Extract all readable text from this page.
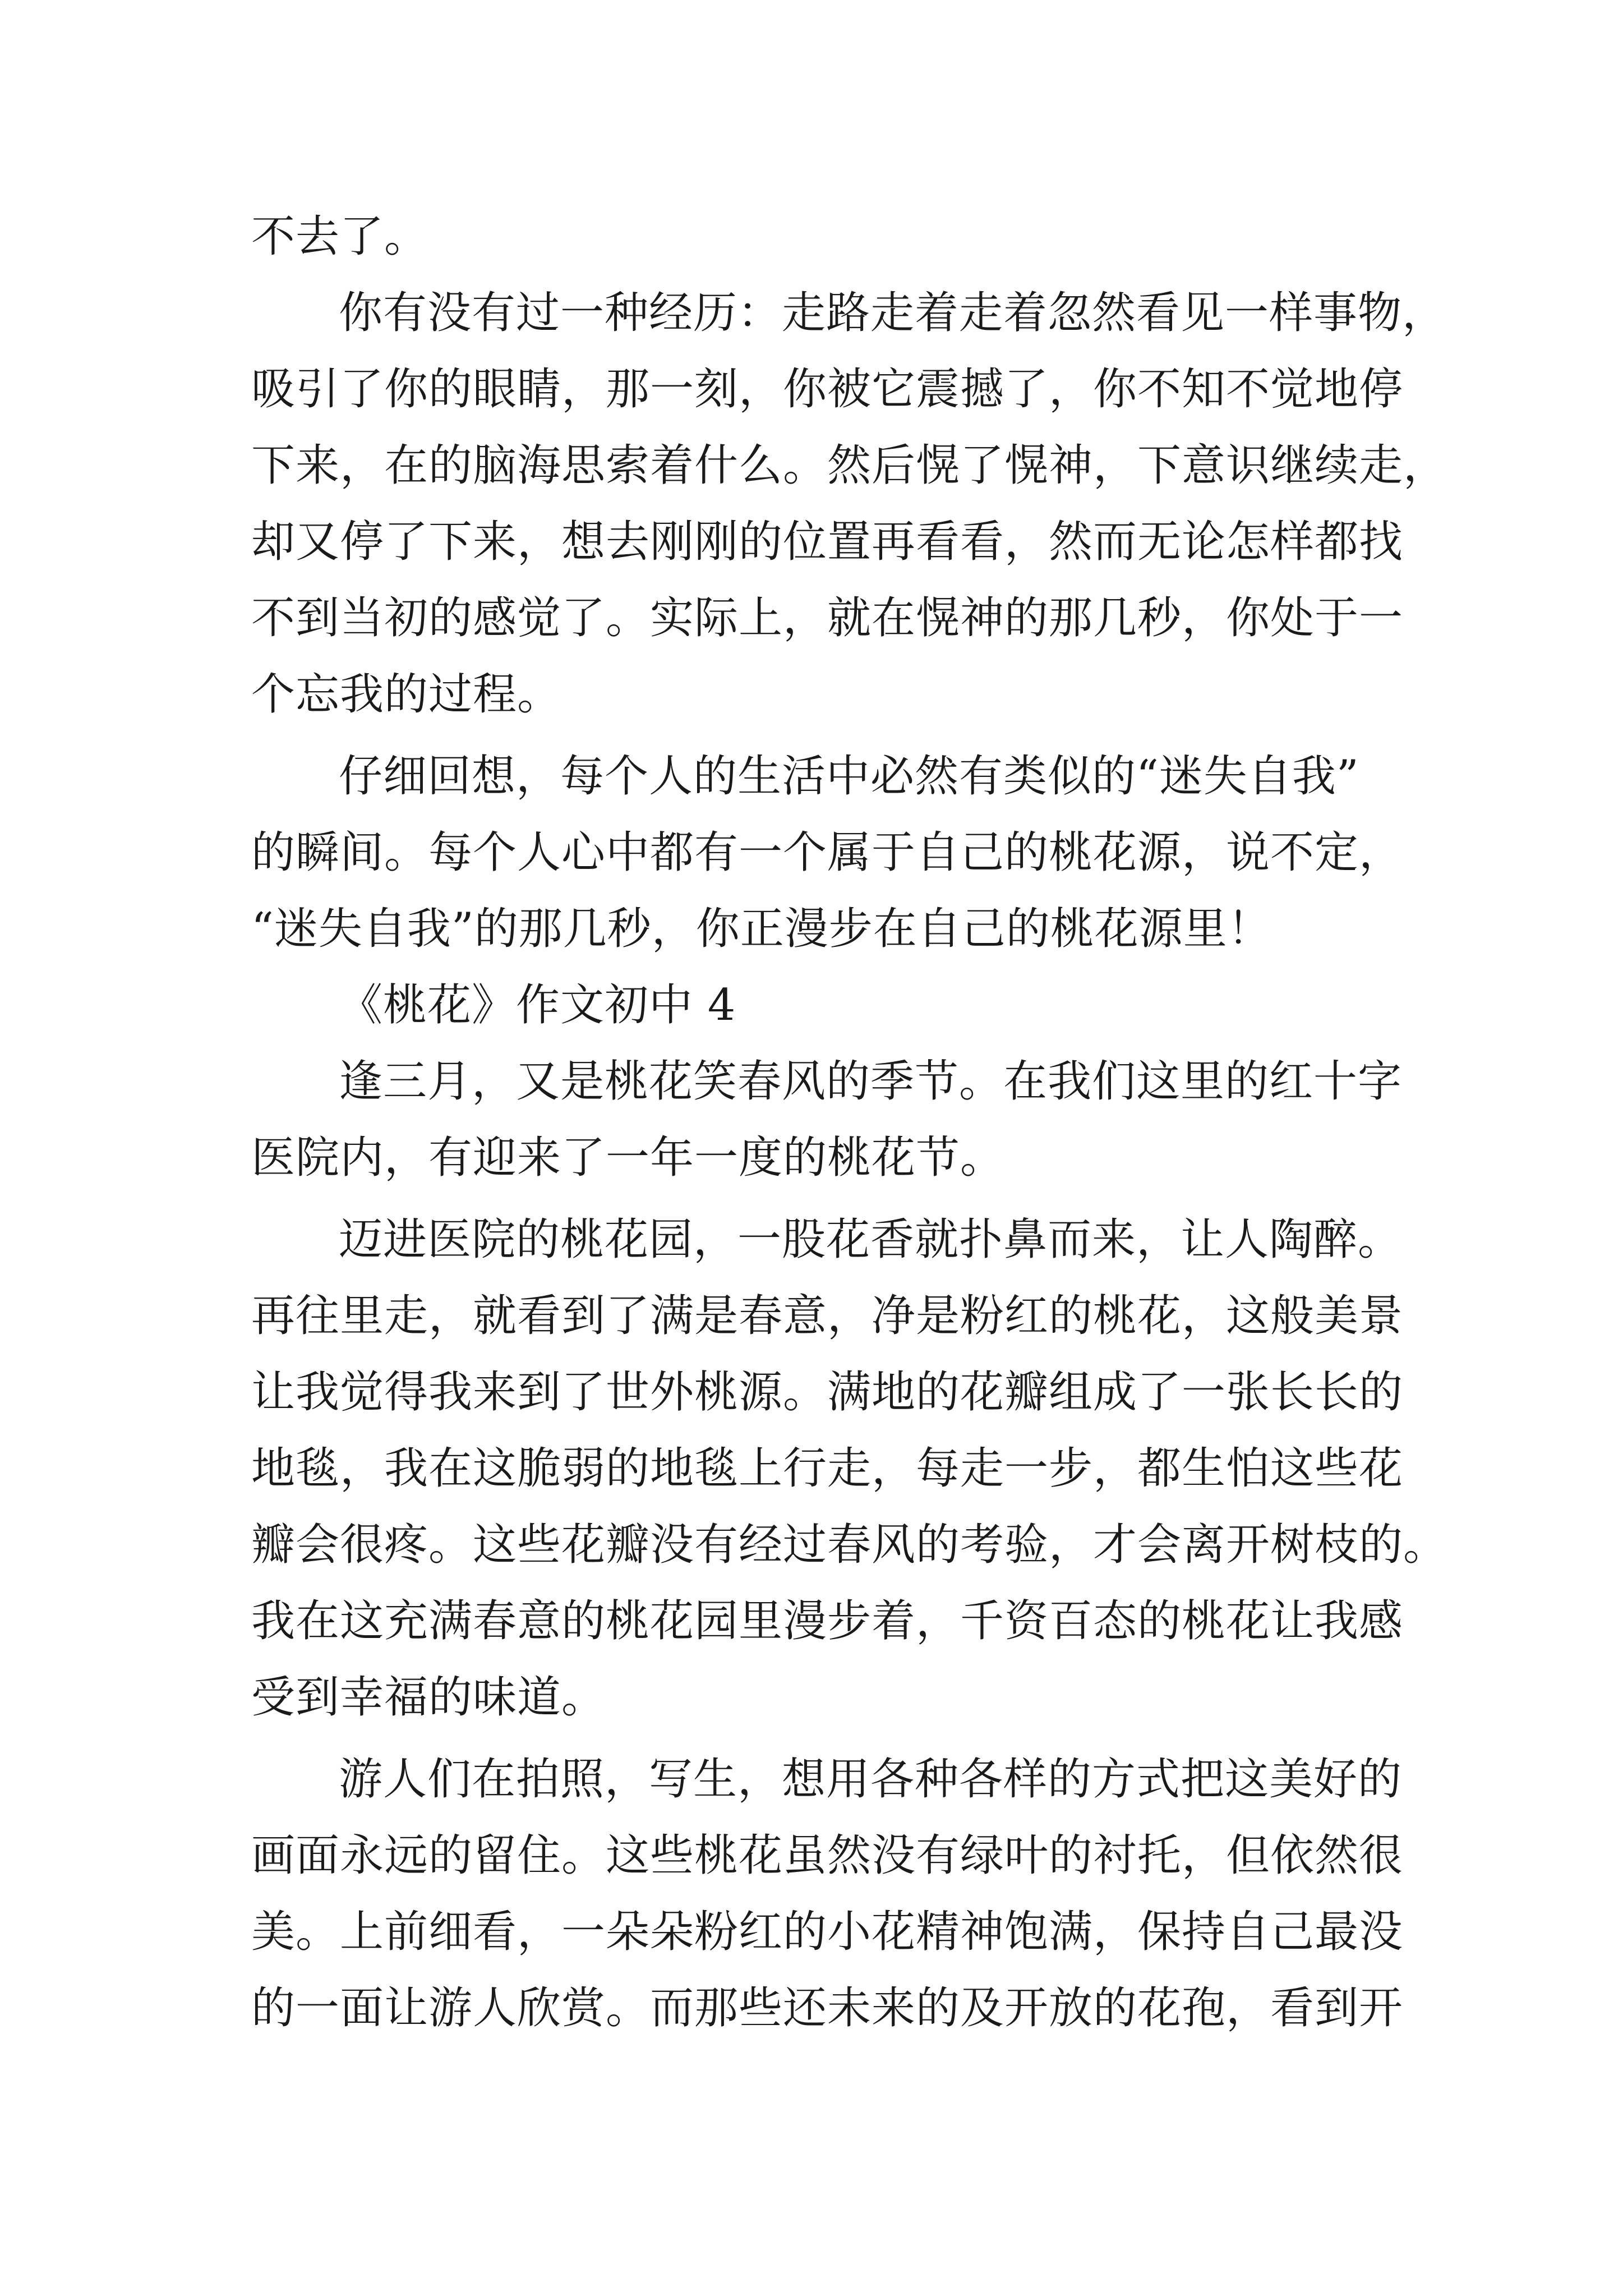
不去了。

你有没有过一种经历：走路走着走着忽然看见一样事物，

吸引了你的眼睛，那一刻，你被它震撼了，你不知不觉地停

下来，在的脑海思索着什么。然后愰了愰神，下意识继续走，

却又停了下来，想去刚刚的位置再看看，然而无论怎样都找

不到当初的感觉了。实际上，就在愰神的那几秒，你处于一

个忘我的过程。

仔细回想，每个人的生活中必然有类似的“迷失自我”

的瞬间。每个人心中都有一个属于自己的桃花源，说不定，

“迷失自我”的那几秒，你正漫步在自己的桃花源里！

《桃花》作文初中 4

逢三月，又是桃花笑春风的季节。在我们这里的红十字

医院内，有迎来了一年一度的桃花节。

迈进医院的桃花园，一股花香就扑鼻而来，让人陶醉。

再往里走，就看到了满是春意，净是粉红的桃花，这般美景

让我觉得我来到了世外桃源。满地的花瓣组成了一张长长的

地毯，我在这脆弱的地毯上行走，每走一步，都生怕这些花

瓣会很疼。这些花瓣没有经过春风的考验，才会离开树枝的。

我在这充满春意的桃花园里漫步着，千资百态的桃花让我感

受到幸福的味道。

游人们在拍照，写生，想用各种各样的方式把这美好的

画面永远的留住。这些桃花虽然没有绿叶的衬托，但依然很

美。上前细看，一朵朵粉红的小花精神饱满，保持自己最没

的一面让游人欣赏。而那些还未来的及开放的花孢，看到开
